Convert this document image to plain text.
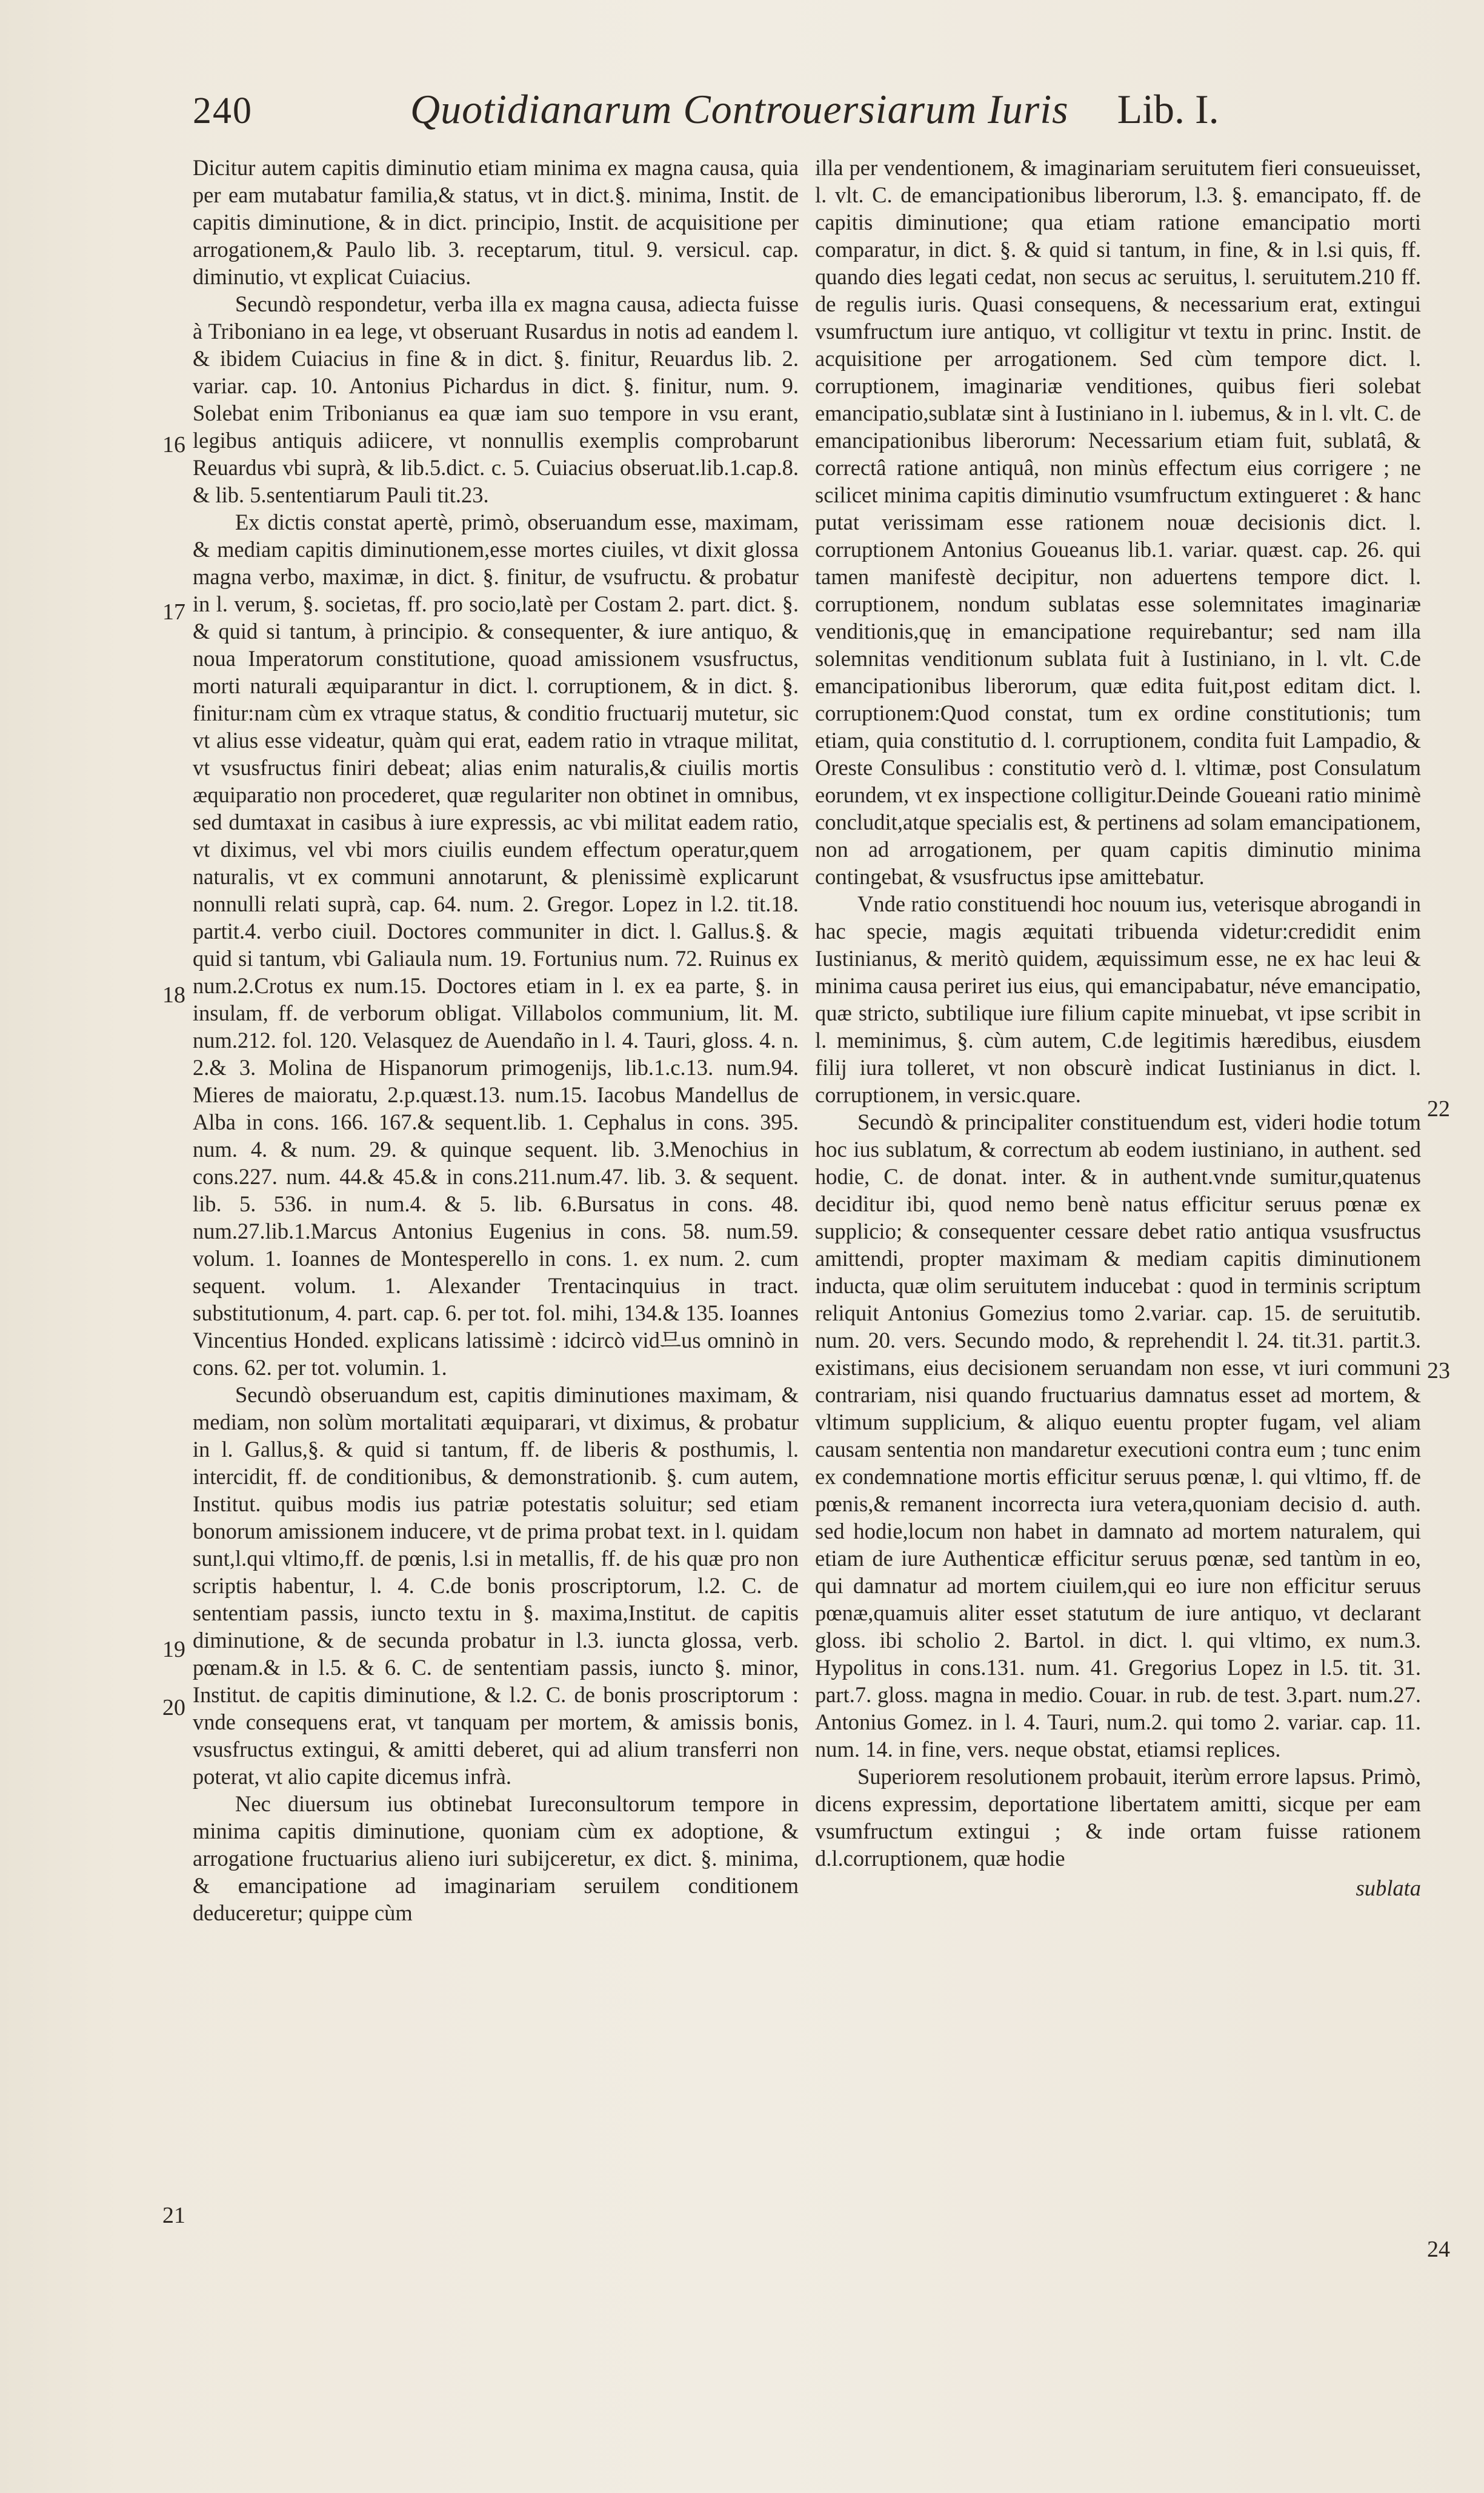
240	Quotidianarum Controuersiarum Iuris Lib. I.
16
17
18
19
20
21
22
23
24

Dicitur autem capitis diminutio etiam minima ex magna causa, quia per eam mutabatur familia,& status, vt in dict.§. minima, Instit. de capitis diminutione, & in dict. principio, Instit. de acquisitione per arrogationem,& Paulo lib. 3. receptarum, titul. 9. versicul. cap. diminutio, vt explicat Cuiacius.

Secundò respondetur, verba illa ex magna causa, adiecta fuisse à Triboniano in ea lege, vt obseruant Rusardus in notis ad eandem l. & ibidem Cuiacius in fine & in dict. §. finitur, Reuardus lib. 2. variar. cap. 10. Antonius Pichardus in dict. §. finitur, num. 9. Solebat enim Tribonianus ea quæ iam suo tempore in vsu erant, legibus antiquis adiicere, vt nonnullis exemplis comprobarunt Reuardus vbi suprà, & lib.5.dict. c. 5. Cuiacius obseruat.lib.1.cap.8. & lib. 5.sententiarum Pauli tit.23.

Ex dictis constat apertè, primò, obseruandum esse, maximam, & mediam capitis diminutionem,esse mortes ciuiles, vt dixit glossa magna verbo, maximæ, in dict. §. finitur, de vsufructu. & probatur in l. verum, §. societas, ff. pro socio,latè per Costam 2. part. dict. §. & quid si tantum, à principio. & consequenter, & iure antiquo, & noua Imperatorum constitutione, quoad amissionem vsusfructus, morti naturali æquiparantur in dict. l. corruptionem, & in dict. §. finitur:nam cùm ex vtraque status, & conditio fructuarij mutetur, sic vt alius esse videatur, quàm qui erat, eadem ratio in vtraque militat, vt vsusfructus finiri debeat; alias enim naturalis,& ciuilis mortis æquiparatio non procederet, quæ regulariter non obtinet in omnibus, sed dumtaxat in casibus à iure expressis, ac vbi militat eadem ratio, vt diximus, vel vbi mors ciuilis eundem effectum operatur,quem naturalis, vt ex communi annotarunt, & plenissimè explicarunt nonnulli relati suprà, cap. 64. num. 2. Gregor. Lopez in l.2. tit.18. partit.4. verbo ciuil. Doctores communiter in dict. l. Gallus.§. & quid si tantum, vbi Galiaula num. 19. Fortunius num. 72. Ruinus ex num.2.Crotus ex num.15. Doctores etiam in l. ex ea parte, §. in insulam, ff. de verborum obligat. Villabolos communium, lit. M. num.212. fol. 120. Velasquez de Auendaño in l. 4. Tauri, gloss. 4. n. 2.& 3. Molina de Hispanorum primogenijs, lib.1.c.13. num.94. Mieres de maioratu, 2.p.quæst.13. num.15. Iacobus Mandellus de Alba in cons. 166. 167.& sequent.lib. 1. Cephalus in cons. 395. num. 4. & num. 29. & quinque sequent. lib. 3.Menochius in cons.227. num. 44.& 45.& in cons.211.num.47. lib. 3. & sequent. lib. 5. 536. in num.4. & 5. lib. 6.Bursatus in cons. 48. num.27.lib.1.Marcus Antonius Eugenius in cons. 58. num.59. volum. 1. Ioannes de Montesperello in cons. 1. ex num. 2. cum sequent. volum. 1. Alexander Trentacinquius in tract. substitutionum, 4. part. cap. 6. per tot. fol. mihi, 134.& 135. Ioannes Vincentius Honded. explicans latissimè : idcircò vid므us omninò in cons. 62. per tot. volumin. 1.

Secundò obseruandum est, capitis diminutiones maximam, & mediam, non solùm mortalitati æquiparari, vt diximus, & probatur in l. Gallus,§. & quid si tantum, ff. de liberis & posthumis, l. intercidit, ff. de conditionibus, & demonstrationib. §. cum autem, Institut. quibus modis ius patriæ potestatis soluitur; sed etiam bonorum amissionem inducere, vt de prima probat text. in l. quidam sunt,l.qui vltimo,ff. de pœnis, l.si in metallis, ff. de his quæ pro non scriptis habentur, l. 4. C.de bonis proscriptorum, l.2. C. de sententiam passis, iuncto textu in §. maxima,Institut. de capitis diminutione, & de secunda probatur in l.3. iuncta glossa, verb. pœnam.& in l.5. & 6. C. de sententiam passis, iuncto §. minor, Institut. de capitis diminutione, & l.2. C. de bonis proscriptorum : vnde consequens erat, vt tanquam per mortem, & amissis bonis, vsusfructus extingui, & amitti deberet, qui ad alium transferri non poterat, vt alio capite dicemus infrà.

Nec diuersum ius obtinebat Iureconsultorum tempore in minima capitis diminutione, quoniam cùm ex adoptione, & arrogatione fructuarius alieno iuri subijceretur, ex dict. §. minima, & emancipatione ad imaginariam seruilem conditionem deduceretur; quippe cùm

illa per vendentionem, & imaginariam seruitutem fieri consueuisset, l. vlt. C. de emancipationibus liberorum, l.3. §. emancipato, ff. de capitis diminutione; qua etiam ratione emancipatio morti comparatur, in dict. §. & quid si tantum, in fine, & in l.si quis, ff. quando dies legati cedat, non secus ac seruitus, l. seruitutem.210 ff. de regulis iuris. Quasi consequens, & necessarium erat, extingui vsumfructum iure antiquo, vt colligitur vt textu in princ. Instit. de acquisitione per arrogationem. Sed cùm tempore dict. l. corruptionem, imaginariæ venditiones, quibus fieri solebat emancipatio,sublatæ sint à Iustiniano in l. iubemus, & in l. vlt. C. de emancipationibus liberorum: Necessarium etiam fuit, sublatâ, & correctâ ratione antiquâ, non minùs effectum eius corrigere ; ne scilicet minima capitis diminutio vsumfructum extingueret : & hanc putat verissimam esse rationem nouæ decisionis dict. l. corruptionem Antonius Goueanus lib.1. variar. quæst. cap. 26. qui tamen manifestè decipitur, non aduertens tempore dict. l. corruptionem, nondum sublatas esse solemnitates imaginariæ venditionis,quę in emancipatione requirebantur; sed nam illa solemnitas venditionum sublata fuit à Iustiniano, in l. vlt. C.de emancipationibus liberorum, quæ edita fuit,post editam dict. l. corruptionem:Quod constat, tum ex ordine constitutionis; tum etiam, quia constitutio d. l. corruptionem, condita fuit Lampadio, & Oreste Consulibus : constitutio verò d. l. vltimæ, post Consulatum eorundem, vt ex inspectione colligitur.Deinde Goueani ratio minimè concludit,atque specialis est, & pertinens ad solam emancipationem, non ad arrogationem, per quam capitis diminutio minima contingebat, & vsusfructus ipse amittebatur.

Vnde ratio constituendi hoc nouum ius, veterisque abrogandi in hac specie, magis æquitati tribuenda videtur:credidit enim Iustinianus, & meritò quidem, æquissimum esse, ne ex hac leui & minima causa periret ius eius, qui emancipabatur, néve emancipatio, quæ stricto, subtilique iure filium capite minuebat, vt ipse scribit in l. meminimus, §. cùm autem, C.de legitimis hæredibus, eiusdem filij iura tolleret, vt non obscurè indicat Iustinianus in dict. l. corruptionem, in versic.quare.

Secundò & principaliter constituendum est, videri hodie totum hoc ius sublatum, & correctum ab eodem iustiniano, in authent. sed hodie, C. de donat. inter. & in authent.vnde sumitur,quatenus deciditur ibi, quod nemo benè natus efficitur seruus pœnæ ex supplicio; & consequenter cessare debet ratio antiqua vsusfructus amittendi, propter maximam & mediam capitis diminutionem inducta, quæ olim seruitutem inducebat : quod in terminis scriptum reliquit Antonius Gomezius tomo 2.variar. cap. 15. de seruitutib. num. 20. vers. Secundo modo, & reprehendit l. 24. tit.31. partit.3. existimans, eius decisionem seruandam non esse, vt iuri communi contrariam, nisi quando fructuarius damnatus esset ad mortem, & vltimum supplicium, & aliquo euentu propter fugam, vel aliam causam sententia non mandaretur executioni contra eum ; tunc enim ex condemnatione mortis efficitur seruus pœnæ, l. qui vltimo, ff. de pœnis,& remanent incorrecta iura vetera,quoniam decisio d. auth. sed hodie,locum non habet in damnato ad mortem naturalem, qui etiam de iure Authenticæ efficitur seruus pœnæ, sed tantùm in eo, qui damnatur ad mortem ciuilem,qui eo iure non efficitur seruus pœnæ,quamuis aliter esset statutum de iure antiquo, vt declarant gloss. ibi scholio 2. Bartol. in dict. l. qui vltimo, ex num.3. Hypolitus in cons.131. num. 41. Gregorius Lopez in l.5. tit. 31. part.7. gloss. magna in medio. Couar. in rub. de test. 3.part. num.27. Antonius Gomez. in l. 4. Tauri, num.2. qui tomo 2. variar. cap. 11. num. 14. in fine, vers. neque obstat, etiamsi replices.

Superiorem resolutionem probauit, iterùm errore lapsus. Primò, dicens expressim, deportatione libertatem amitti, sicque per eam vsumfructum extingui ; & inde ortam fuisse rationem d.l.corruptionem, quæ hodie

sublata
